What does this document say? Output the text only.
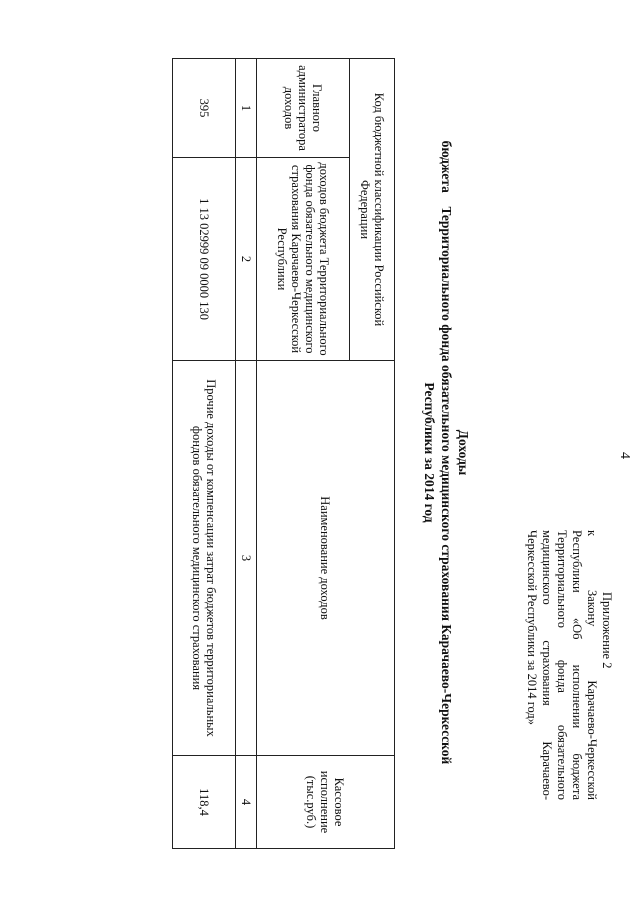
4
Приложение 2
к Закону Карачаево-Черкесской
Республики «Об исполнении бюджета
Территориального фонда обязательного
медицинского страхования Карачаево-
Черкесской Республики за 2014 год»
Доходы
бюджета    Территориального фонда обязательного медицинского страхования Карачаево-Черкесской
Республики за 2014 год
Код бюджетной классификации Российской Федерации		Наименование доходов	Кассовое исполнение (тыс.руб.)
Главного администратора доходов	доходов бюджета Территориального фонда обязательного медицинского страхования Карачаево-Черкесской Республики		
1	2	3	4
395	1 13 02999 09 0000 130	Прочие доходы от компенсации затрат бюджетов территориальных фондов обязательного медицинского страхования	118,4
